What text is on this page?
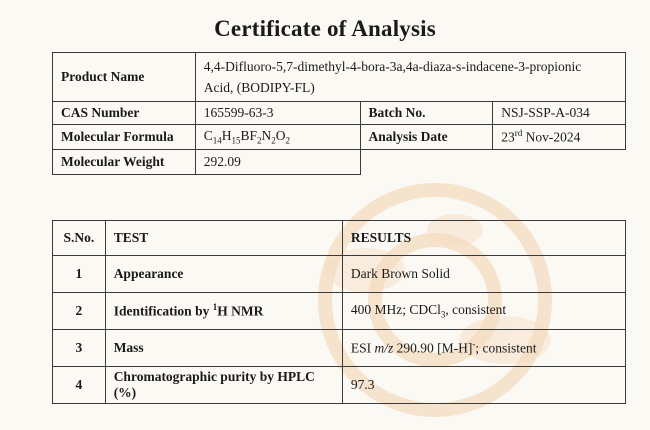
Certificate of Analysis
Product Name	4,4-Difluoro-5,7-dimethyl-4-bora-3a,4a-diaza-s-indacene-3-propionic
Acid, (BODIPY-FL)		
CAS Number	165599-63-3	Batch No.	NSJ-SSP-A-034
Molecular Formula	$C_{14}H_{15}BF_2N_2O_2$	Analysis Date	23rd Nov-2024
Molecular Weight	292.09		
S.No.	TEST	RESULTS
1	Appearance	Dark Brown Solid
2	Identification by $^1$H NMR	400 MHz; CDCl$_3$, consistent
3	Mass	ESI m/z 290.90 [M-H]-; consistent
4	Chromatographic purity by HPLC (%)	97.3
